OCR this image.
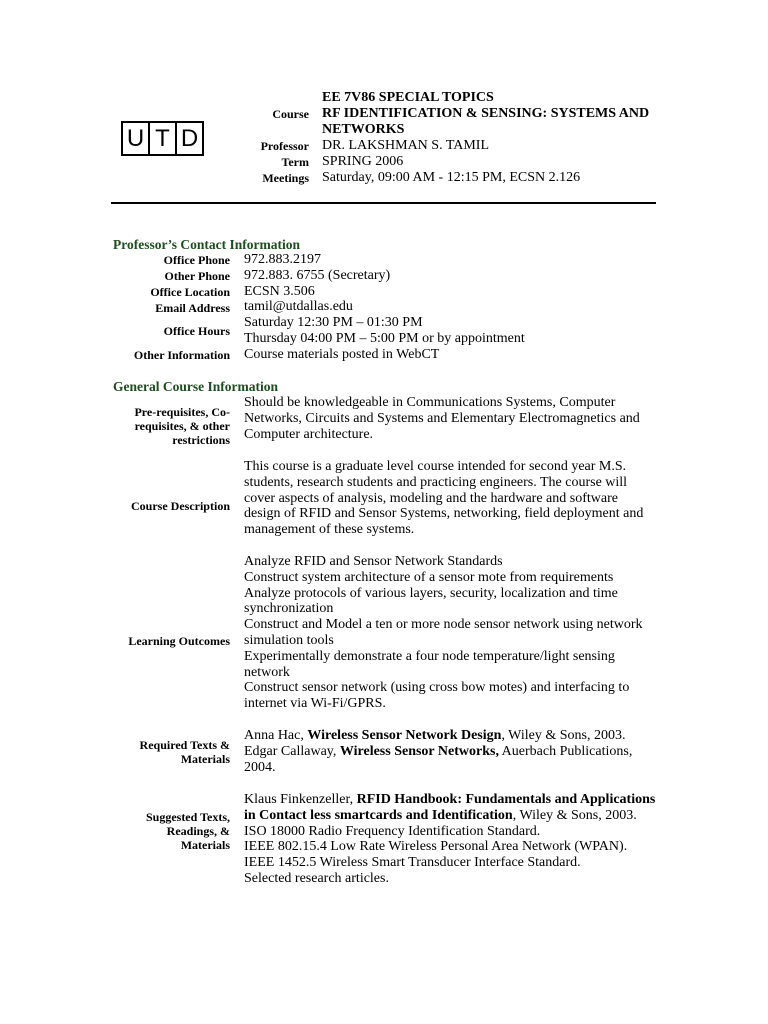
U T D
Course
EE 7V86 SPECIAL TOPICS
RF IDENTIFICATION & SENSING: SYSTEMS AND
NETWORKS
Professor DR. LAKSHMAN S. TAMIL
Term SPRING 2006
Meetings Saturday, 09:00 AM - 12:15 PM, ECSN 2.126
Professor’s Contact Information
Office Phone 972.883.2197
Other Phone 972.883. 6755 (Secretary)
Office Location ECSN 3.506
Email Address tamil@utdallas.edu
Office Hours
Saturday 12:30 PM – 01:30 PM
Thursday 04:00 PM – 5:00 PM or by appointment
Other Information Course materials posted in WebCT
General Course Information
Pre-requisites, Co-
requisites, & other
restrictions
Should be knowledgeable in Communications Systems, Computer
Networks, Circuits and Systems and Elementary Electromagnetics and
Computer architecture.
Course Description
This course is a graduate level course intended for second year M.S.
students, research students and practicing engineers. The course will
cover aspects of analysis, modeling and the hardware and software
design of RFID and Sensor Systems, networking, field deployment and
management of these systems.
Learning Outcomes
Analyze RFID and Sensor Network Standards
Construct system architecture of a sensor mote from requirements
Analyze protocols of various layers, security, localization and time
synchronization
Construct and Model a ten or more node sensor network using network
simulation tools
Experimentally demonstrate a four node temperature/light sensing
network
Construct sensor network (using cross bow motes) and interfacing to
internet via Wi-Fi/GPRS.
Required Texts &
Materials
Anna Hac, Wireless Sensor Network Design, Wiley & Sons, 2003.
Edgar Callaway, Wireless Sensor Networks, Auerbach Publications,
2004.
Suggested Texts,
Readings, &
Materials
Klaus Finkenzeller, RFID Handbook: Fundamentals and Applications
in Contact less smartcards and Identification, Wiley & Sons, 2003.
ISO 18000 Radio Frequency Identification Standard.
IEEE 802.15.4 Low Rate Wireless Personal Area Network (WPAN).
IEEE 1452.5 Wireless Smart Transducer Interface Standard.
Selected research articles.
